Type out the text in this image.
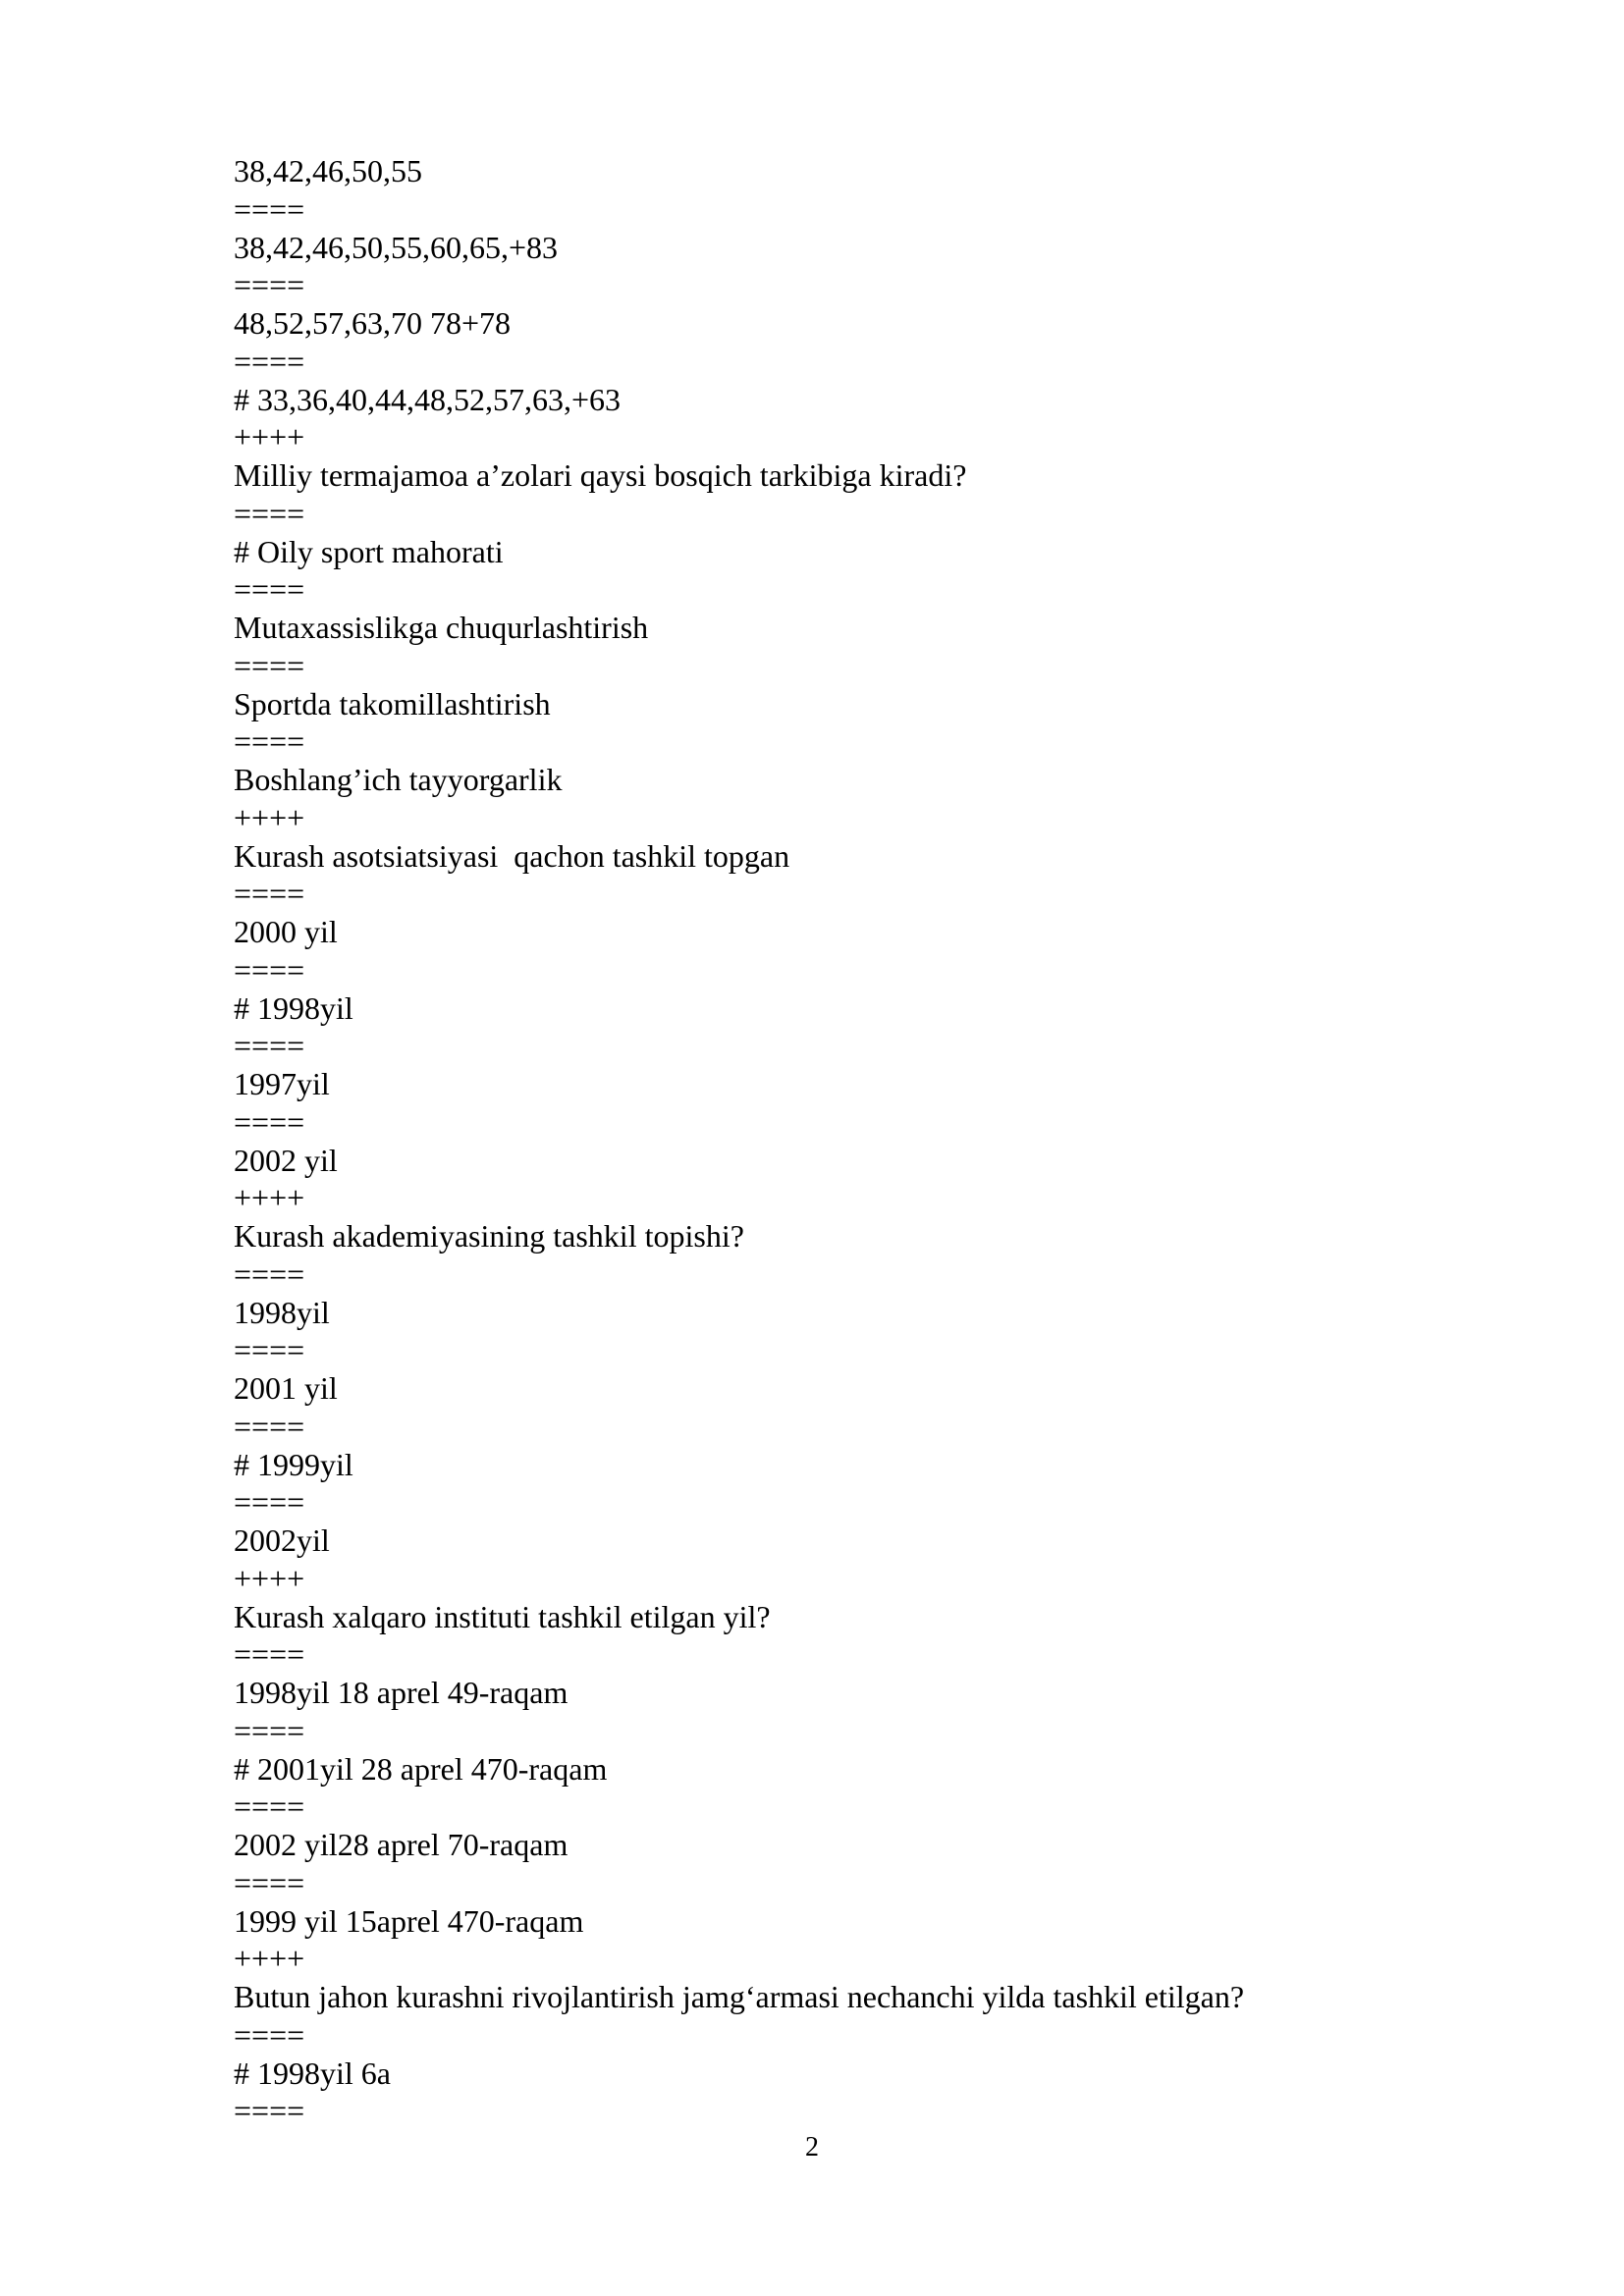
38,42,46,50,55
====
38,42,46,50,55,60,65,+83
====
48,52,57,63,70 78+78
====
# 33,36,40,44,48,52,57,63,+63
++++
Milliy termajamoa a’zolari qaysi bosqich tarkibiga kiradi?
====
# Oily sport mahorati
====
Mutaxassislikga chuqurlashtirish
====
Sportda takomillashtirish
====
Boshlang’ich tayyorgarlik
++++
Kurash asotsiatsiyasi  qachon tashkil topgan
====
2000 yil
====
# 1998yil
====
1997yil
====
2002 yil
++++
Kurash akademiyasining tashkil topishi?
====
1998yil
====
2001 yil
====
# 1999yil
====
2002yil
++++
Kurash xalqaro instituti tashkil etilgan yil?
====
1998yil 18 aprel 49-raqam
====
# 2001yil 28 aprel 470-raqam
====
2002 yil28 aprel 70-raqam
====
1999 yil 15aprel 470-raqam
++++
Butun jahon kurashni rivojlantirish jamg‘armasi nechanchi yilda tashkil etilgan?
====
# 1998yil 6a
====
2
